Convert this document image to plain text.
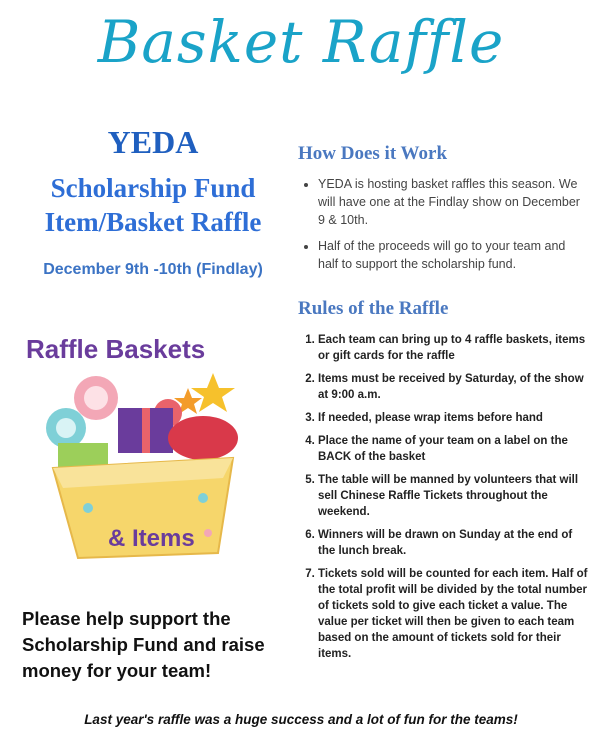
Basket Raffle
YEDA
Scholarship Fund
Item/Basket Raffle
December 9th -10th (Findlay)
Raffle Baskets
& Items
Please help support the Scholarship Fund and raise money for your team!
How Does it Work
• YEDA is hosting basket raffles this season. We will have one at the Findlay show on December 9 & 10th.
• Half of the proceeds will go to your team and half to support the scholarship fund.
Rules of the Raffle
1. Each team can bring up to 4 raffle baskets, items or gift cards for the raffle
2. Items must be received by Saturday, of the show at 9:00 a.m.
3. If needed, please wrap items before hand
4. Place the name of your team on a label on the BACK of the basket
5. The table will be manned by volunteers that will sell Chinese Raffle Tickets throughout the weekend.
6. Winners will be drawn on Sunday at the end of the lunch break.
7. Tickets sold will be counted for each item. Half of the total profit will be divided by the total number of tickets sold to give each ticket a value. The value per ticket will then be given to each team based on the amount of tickets sold for their items.
Last year's raffle was a huge success and a lot of fun for the teams!
